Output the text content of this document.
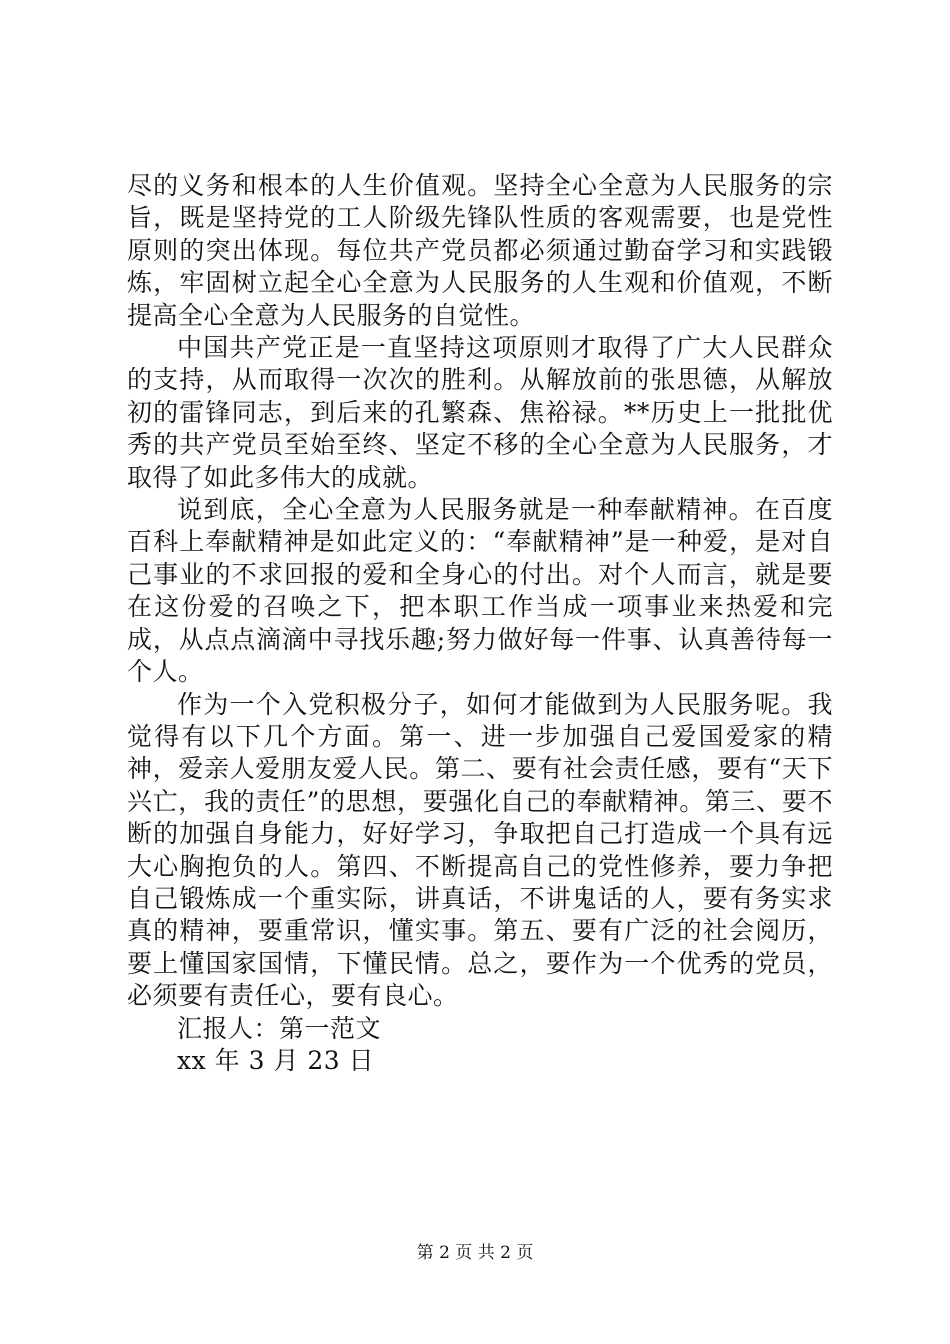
尽的义务和根本的人生价值观。坚持全心全意为人民服务的宗旨，既是坚持党的工人阶级先锋队性质的客观需要，也是党性原则的突出体现。每位共产党员都必须通过勤奋学习和实践锻炼，牢固树立起全心全意为人民服务的人生观和价值观，不断提高全心全意为人民服务的自觉性。

中国共产党正是一直坚持这项原则才取得了广大人民群众的支持，从而取得一次次的胜利。从解放前的张思德，从解放初的雷锋同志，到后来的孔繁森、焦裕禄。**历史上一批批优秀的共产党员至始至终、坚定不移的全心全意为人民服务，才取得了如此多伟大的成就。

说到底，全心全意为人民服务就是一种奉献精神。在百度百科上奉献精神是如此定义的：“奉献精神”是一种爱，是对自己事业的不求回报的爱和全身心的付出。对个人而言，就是要在这份爱的召唤之下，把本职工作当成一项事业来热爱和完成，从点点滴滴中寻找乐趣;努力做好每一件事、认真善待每一个人。

作为一个入党积极分子，如何才能做到为人民服务呢。我觉得有以下几个方面。第一、进一步加强自己爱国爱家的精神，爱亲人爱朋友爱人民。第二、要有社会责任感，要有“天下兴亡，我的责任”的思想，要强化自己的奉献精神。第三、要不断的加强自身能力，好好学习，争取把自己打造成一个具有远大心胸抱负的人。第四、不断提高自己的党性修养，要力争把自己锻炼成一个重实际，讲真话，不讲鬼话的人，要有务实求真的精神，要重常识，懂实事。第五、要有广泛的社会阅历，要上懂国家国情，下懂民情。总之，要作为一个优秀的党员，必须要有责任心，要有良心。

汇报人：第一范文

xx 年 3 月 23 日

第 2 页 共 2 页
